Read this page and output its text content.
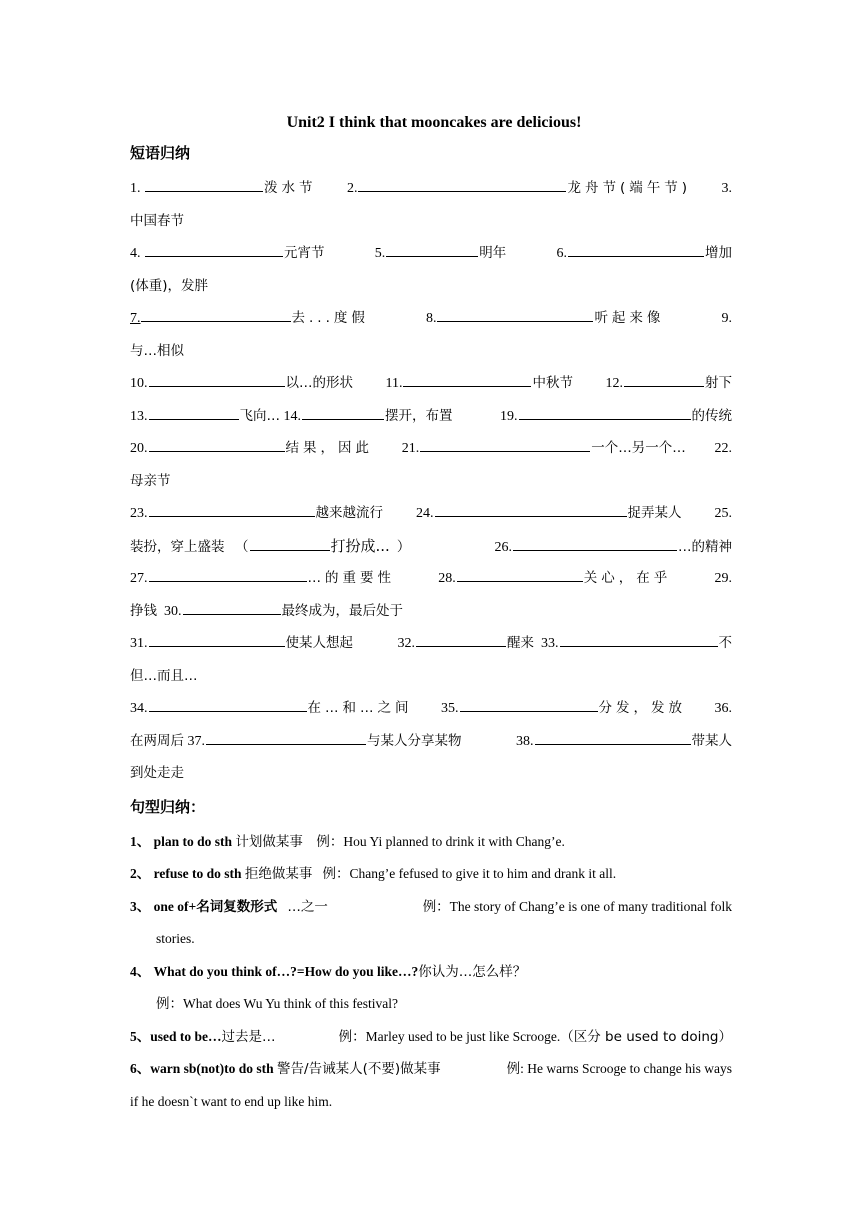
Unit2 I think that mooncakes are delicious!
短语归纳
1.	泼水节 2.	龙舟节(端午节) 3.
中国春节
4.	元宵节	5.	明年	6.	增加
(体重)，发胖
7.	去...度假	8.	听起来像	9.
与…相似
10.	以…的形状 11.	中秋节 12.	射下
13.	飞向… 14.	摆开，布置	19.	的传统
20.	结果，因此 21.	一个…另一个… 22.
母亲节
23.	越来越流行 24.	捉弄某人 25.
装扮，穿上盛装 （	打扮成... ）	26.	…的精神
27.	…的重要性	28.	关心，在乎	29.
挣钱
30.	最终成为，最后处于
31.	使某人想起	32.	醒来 33.	不
但…而且…
34.	在…和…之间 35.	分发，发放 36.
在两周后 37.	与某人分享某物	38.	带某人
到处走走
句型归纳：
1、 plan to do sth 计划做某事 例：Hou Yi planned to drink it with Chang’e.
2、 refuse to do sth 拒绝做某事 例：Chang’e fefused to give it to him and drank it all.
3、 one of+名词复数形式 …之一	例：The story of Chang’e is one of many traditional folk
stories.
4、 What do you think of…?=How do you like…?你认为…怎么样？
例：What does Wu Yu think of this festival?
5、used to be…过去是…	例：Marley used to be just like Scrooge.（区分 be used to doing）
6、warn sb(not)to do sth 警告/告诫某人(不要)做某事	例: He warns Scrooge to change his ways
if he doesn`t want to end up like him.
